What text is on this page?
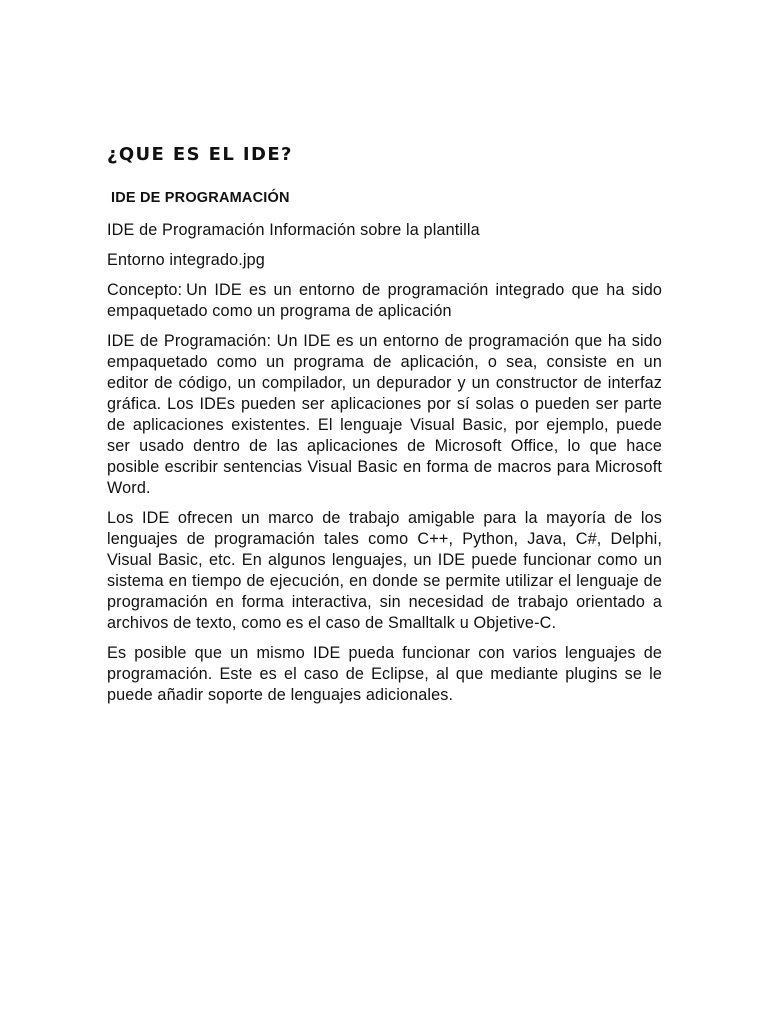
¿QUE ES EL IDE?
IDE DE PROGRAMACIÓN

IDE de Programación Información sobre la plantilla

Entorno integrado.jpg

Concepto: Un IDE es un entorno de programación integrado que ha sido empaquetado como un programa de aplicación

IDE de Programación: Un IDE es un entorno de programación que ha sido empaquetado como un programa de aplicación, o sea, consiste en un editor de código, un compilador, un depurador y un constructor de interfaz gráfica. Los IDEs pueden ser aplicaciones por sí solas o pueden ser parte de aplicaciones existentes. El lenguaje Visual Basic, por ejemplo, puede ser usado dentro de las aplicaciones de Microsoft Office, lo que hace posible escribir sentencias Visual Basic en forma de macros para Microsoft Word.

Los IDE ofrecen un marco de trabajo amigable para la mayoría de los lenguajes de programación tales como C++, Python, Java, C#, Delphi, Visual Basic, etc. En algunos lenguajes, un IDE puede funcionar como un sistema en tiempo de ejecución, en donde se permite utilizar el lenguaje de programación en forma interactiva, sin necesidad de trabajo orientado a archivos de texto, como es el caso de Smalltalk u Objetive-C.

Es posible que un mismo IDE pueda funcionar con varios lenguajes de programación. Este es el caso de Eclipse, al que mediante plugins se le puede añadir soporte de lenguajes adicionales.
